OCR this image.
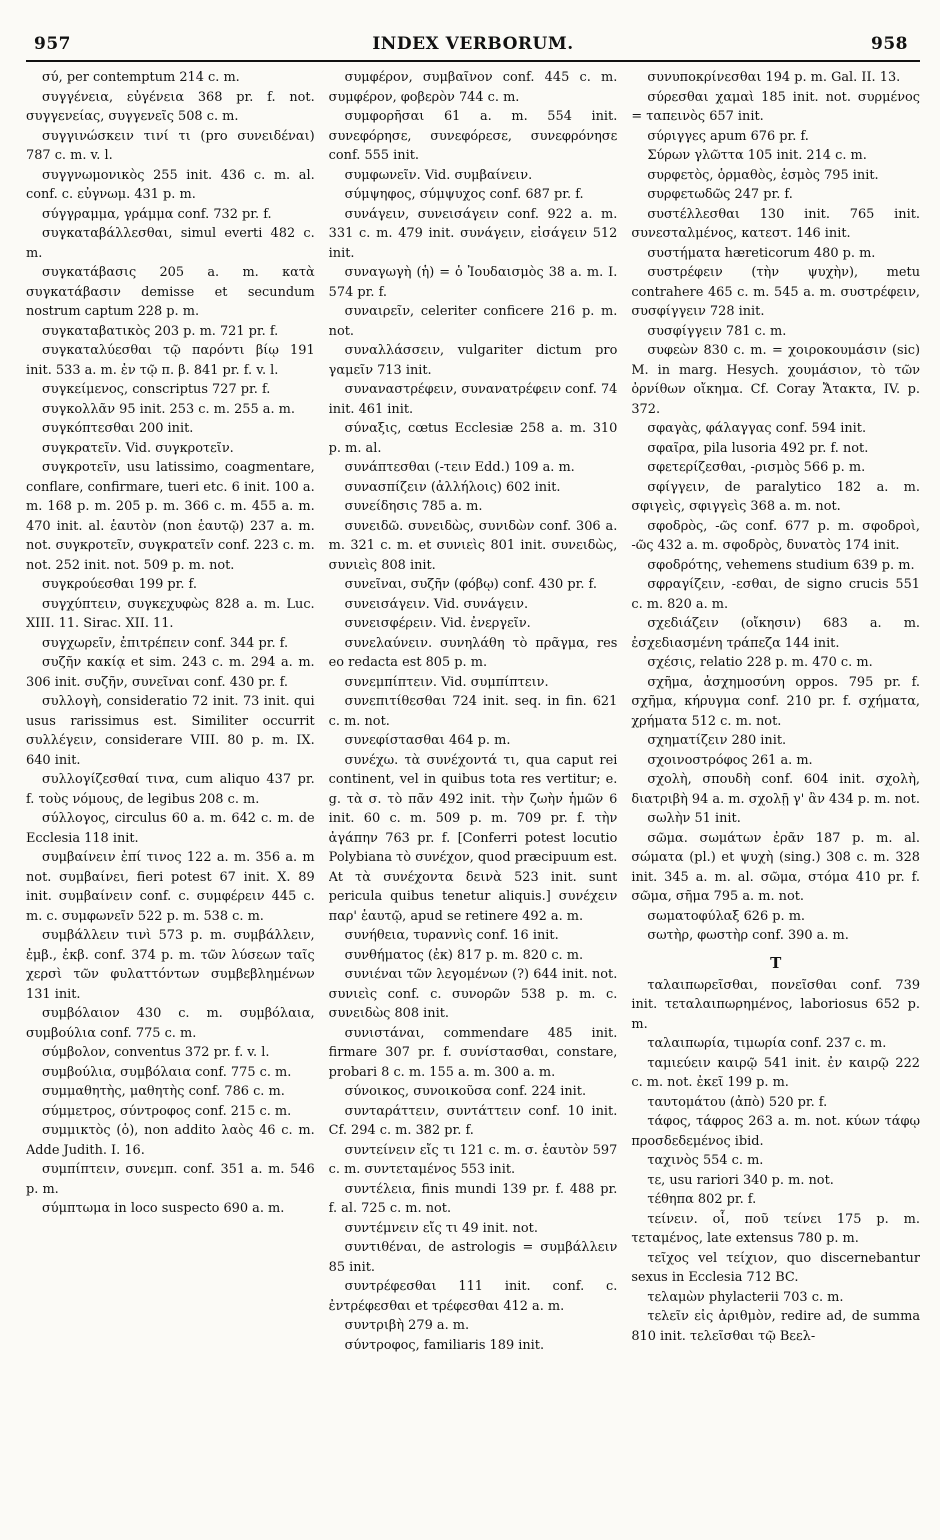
957	INDEX VERBORUM.	958

σύ, per contemptum 214 c. m.

συγγένεια, εὐγένεια 368 pr. f. not. συγγενείας, συγγενεῖς 508 c. m.

συγγινώσκειν τινί τι (pro συνειδέναι) 787 c. m. v. l.

συγγνωμονικὸς 255 init. 436 c. m. al. conf. c. εὐγνωμ. 431 p. m.

σύγγραμμα, γράμμα conf. 732 pr. f.

συγκαταβάλλεσθαι, simul everti 482 c. m.

συγκατάβασις 205 a. m. κατὰ συγκατάβασιν demisse et secundum nostrum captum 228 p. m.

συγκαταβατικὸς 203 p. m. 721 pr. f.

συγκαταλύεσθαι τῷ παρόντι βίῳ 191 init. 533 a. m. ἐν τῷ π. β. 841 pr. f. v. l.

συγκείμενος, conscriptus 727 pr. f.

συγκολλᾶν 95 init. 253 c. m. 255 a. m.

συγκόπτεσθαι 200 init.

συγκρατεῖν. Vid. συγκροτεῖν.

συγκροτεῖν, usu latissimo, coagmentare, conflare, confirmare, tueri etc. 6 init. 100 a. m. 168 p. m. 205 p. m. 366 c. m. 455 a. m. 470 init. al. ἑαυτὸν (non ἑαυτῷ) 237 a. m. not. συγκροτεῖν, συγκρατεῖν conf. 223 c. m. not. 252 init. not. 509 p. m. not.

συγκρούεσθαι 199 pr. f.

συγχύπτειν, συγκεχυφὼς 828 a. m. Luc. XIII. 11. Sirac. XII. 11.

συγχωρεῖν, ἐπιτρέπειν conf. 344 pr. f.

συζῆν κακίᾳ et sim. 243 c. m. 294 a. m. 306 init. συζῆν, συνεῖναι conf. 430 pr. f.

συλλογὴ, consideratio 72 init. 73 init. qui usus rarissimus est. Similiter occurrit συλλέγειν, considerare VIII. 80 p. m. IX. 640 init.

συλλογίζεσθαί τινα, cum aliquo 437 pr. f. τοὺς νόμους, de legibus 208 c. m.

σύλλογος, circulus 60 a. m. 642 c. m. de Ecclesia 118 init.

συμβαίνειν ἐπί τινος 122 a. m. 356 a. m not. συμβαίνει, fieri potest 67 init. X. 89 init. συμβαίνειν conf. c. συμφέρειν 445 c. m. c. συμφωνεῖν 522 p. m. 538 c. m.

συμβάλλειν τινὶ 573 p. m. συμβάλλειν, ἐμβ., ἐκβ. conf. 374 p. m. τῶν λύσεων ταῖς χερσὶ τῶν φυλαττόντων συμβεβλημένων 131 init.

συμβόλαιον 430 c. m. συμβόλαια, συμβούλια conf. 775 c. m.

σύμβολον, conventus 372 pr. f. v. l.

συμβούλια, συμβόλαια conf. 775 c. m.

συμμαθητὴς, μαθητὴς conf. 786 c. m.

σύμμετρος, σύντροφος conf. 215 c. m.

συμμικτὸς (ὁ), non addito λαὸς 46 c. m. Adde Judith. I. 16.

συμπίπτειν, συνεμπ. conf. 351 a. m. 546 p. m.

σύμπτωμα in loco suspecto 690 a. m.

συμφέρον, συμβαῖνον conf. 445 c. m. συμφέρον, φοβερὸν 744 c. m.

συμφορῆσαι 61 a. m. 554 init. συνεφόρησε, συνεφόρεσε, συνεφρόνησε conf. 555 init.

συμφωνεῖν. Vid. συμβαίνειν.

σύμψηφος, σύμψυχος conf. 687 pr. f.

συνάγειν, συνεισάγειν conf. 922 a. m. 331 c. m. 479 init. συνάγειν, εἰσάγειν 512 init.

συναγωγὴ (ἡ) = ὁ Ἰουδαισμὸς 38 a. m. I. 574 pr. f.

συναιρεῖν, celeriter conficere 216 p. m. not.

συναλλάσσειν, vulgariter dictum pro γαμεῖν 713 init.

συναναστρέφειν, συνανατρέφειν conf. 74 init. 461 init.

σύναξις, cœtus Ecclesiæ 258 a. m. 310 p. m. al.

συνάπτεσθαι (-τειν Edd.) 109 a. m.

συνασπίζειν (ἀλλήλοις) 602 init.

συνείδησις 785 a. m.

συνειδῶ. συνειδὼς, συνιδὼν conf. 306 a. m. 321 c. m. et συνιεὶς 801 init. συνειδὼς, συνιεὶς 808 init.

συνεῖναι, συζῆν (φόβῳ) conf. 430 pr. f.

συνεισάγειν. Vid. συνάγειν.

συνεισφέρειν. Vid. ἐνεργεῖν.

συνελαύνειν. συνηλάθη τὸ πρᾶγμα, res eo redacta est 805 p. m.

συνεμπίπτειν. Vid. συμπίπτειν.

συνεπιτίθεσθαι 724 init. seq. in fin. 621 c. m. not.

συνεφίστασθαι 464 p. m.

συνέχω. τὰ συνέχοντά τι, qua caput rei continent, vel in quibus tota res vertitur; e. g. τὰ σ. τὸ πᾶν 492 init. τὴν ζωὴν ἡμῶν 6 init. 60 c. m. 509 p. m. 709 pr. f. τὴν ἀγάπην 763 pr. f. [Conferri potest locutio Polybiana τὸ συνέχον, quod præcipuum est. At τὰ συνέχοντα δεινὰ 523 init. sunt pericula quibus tenetur aliquis.] συνέχειν παρ' ἑαυτῷ, apud se retinere 492 a. m.

συνήθεια, τυραννὶς conf. 16 init.

συνθήματος (ἐκ) 817 p. m. 820 c. m.

συνιέναι τῶν λεγομένων (?) 644 init. not. συνιεὶς conf. c. συνορῶν 538 p. m. c. συνειδὼς 808 init.

συνιστάναι, commendare 485 init. firmare 307 pr. f. συνίστασθαι, constare, probari 8 c. m. 155 a. m. 300 a. m.

σύνοικος, συνοικοῦσα conf. 224 init.

συνταράττειν, συντάττειν conf. 10 init. Cf. 294 c. m. 382 pr. f.

συντείνειν εἴς τι 121 c. m. σ. ἑαυτὸν 597 c. m. συντεταμένος 553 init.

συντέλεια, finis mundi 139 pr. f. 488 pr. f. al. 725 c. m. not.

συντέμνειν εἴς τι 49 init. not.

συντιθέναι, de astrologis = συμβάλλειν 85 init.

συντρέφεσθαι 111 init. conf. c. ἐντρέφεσθαι et τρέφεσθαι 412 a. m.

συντριβὴ 279 a. m.

σύντροφος, familiaris 189 init.

συνυποκρίνεσθαι 194 p. m. Gal. II. 13.

σύρεσθαι χαμαὶ 185 init. not. συρμένος = ταπεινὸς 657 init.

σύριγγες apum 676 pr. f.

Σύρων γλῶττα 105 init. 214 c. m.

συρφετὸς, ὁρμαθὸς, ἑσμὸς 795 init.

συρφετωδῶς 247 pr. f.

συστέλλεσθαι 130 init. 765 init. συνεσταλμένος, κατεστ. 146 init.

συστήματα hæreticorum 480 p. m.

συστρέφειν (τὴν ψυχὴν), metu contrahere 465 c. m. 545 a. m. συστρέφειν, συσφίγγειν 728 init.

συσφίγγειν 781 c. m.

συφεὼν 830 c. m. = χοιροκουμάσιν (sic) M. in marg. Hesych. χουμάσιον, τὸ τῶν ὀρνίθων οἴκημα. Cf. Coray Ἄτακτα, IV. p. 372.

σφαγὰς, φάλαγγας conf. 594 init.

σφαῖρα, pila lusoria 492 pr. f. not.

σφετερίζεσθαι, -ρισμὸς 566 p. m.

σφίγγειν, de paralytico 182 a. m. σφιγεὶς, σφιγγεὶς 368 a. m. not.

σφοδρὸς, -ῶς conf. 677 p. m. σφοδροὶ, -ῶς 432 a. m. σφοδρὸς, δυνατὸς 174 init.

σφοδρότης, vehemens studium 639 p. m.

σφραγίζειν, -εσθαι, de signo crucis 551 c. m. 820 a. m.

σχεδιάζειν (οἴκησιν) 683 a. m. ἐσχεδιασμένη τράπεζα 144 init.

σχέσις, relatio 228 p. m. 470 c. m.

σχῆμα, ἀσχημοσύνη oppos. 795 pr. f. σχῆμα, κήρυγμα conf. 210 pr. f. σχήματα, χρήματα 512 c. m. not.

σχηματίζειν 280 init.

σχοινοστρόφος 261 a. m.

σχολὴ, σπουδὴ conf. 604 init. σχολὴ, διατριβὴ 94 a. m. σχολῇ γ' ἂν 434 p. m. not.

σωλὴν 51 init.

σῶμα. σωμάτων ἐρᾶν 187 p. m. al. σώματα (pl.) et ψυχὴ (sing.) 308 c. m. 328 init. 345 a. m. al. σῶμα, στόμα 410 pr. f. σῶμα, σῆμα 795 a. m. not.

σωματοφύλαξ 626 p. m.

σωτὴρ, φωστὴρ conf. 390 a. m.

T

ταλαιπωρεῖσθαι, πονεῖσθαι conf. 739 init. τεταλαιπωρημένος, laboriosus 652 p. m.

ταλαιπωρία, τιμωρία conf. 237 c. m.

ταμιεύειν καιρῷ 541 init. ἐν καιρῷ 222 c. m. not. ἐκεῖ 199 p. m.

ταυτομάτου (ἀπὸ) 520 pr. f.

τάφος, τάφρος 263 a. m. not. κύων τάφῳ προσδεδεμένος ibid.

ταχινὸς 554 c. m.

τε, usu rariori 340 p. m. not.

τέθηπα 802 pr. f.

τείνειν. οἷ, ποῦ τείνει 175 p. m. τεταμένος, late extensus 780 p. m.

τεῖχος vel τείχιον, quo discernebantur sexus in Ecclesia 712 BC.

τελαμὼν phylacterii 703 c. m.

τελεῖν εἰς ἀριθμὸν, redire ad, de summa 810 init. τελεῖσθαι τῷ Βεελ-
